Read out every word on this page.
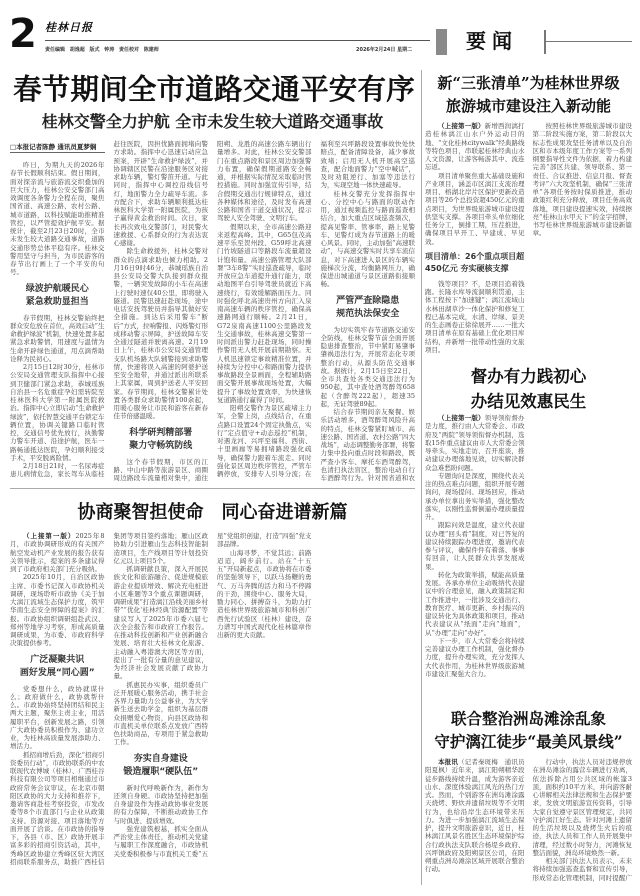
2 桂林日报
责任编辑 胡逸超 版式 钟涛 责任校对 陈建师	2026年2月24日 星期二	要闻
春节期间全市道路交通平安有序
桂林交警全力护航 全市未发生较大道路交通事故
□本报记者陈静 通讯员夏梦娴

昨日，为期九天的2026年春节长假顺利结束。假日期间，面对探亲流与旅游流交织叠加的巨大压力，桂林公安交警部门高效调度各条警力全程在岗，聚焦国省道、高速公路、农村公路、城市道路，以科技赋能助推精准管控，以严管提效护航平安。据统计，截至2月23日20时，全市未发生较大道路交通事故，道路交通形势总体平稳有序。桂林交警用坚守与担当，为市民游客的春节出行画上了一个平安的句号。

绿波护航暖民心
紧急救助显担当

春节假期，桂林交警始终把群众安危放在首位，高效启动“生命救护绿波”机制，快速处置多起紧急求助警情，用速度与温情为生命开辟绿色通道，用点滴帮助诠释为民初心。

2月15日12时30分，桂林市公安局交通管理支队指挥中心接到卫健部门紧急求助，恭城瑶族自治县一名危重症孕妇需转院至桂林医科大学第一附属医院救治。指挥中心立即启动“生命救护绿波”，依托智慧交通平台锁定车辆位置，协调关键路口临时管控，交通信号优先放行，执勤警力警车开道、沿途护航，医车一路畅通抵达医院，孕妇顺利接受手术，平安脱离险情。

2月18日21时，一名尿毒症患儿病情危急，家长驾车从临桂赶往医院，因担忧路面拥堵向警方求助。指挥中心迅速启动应急预案，开辟“生命救护绿波”，并协调辖区民警在沿途服务区对接求助车辆，警灯警笛开道。与此同时，指挥中心调控沿线信号灯，地面警力全力疏导车流。多方配合下，求助车辆顺利抵达桂林医科大学第一附属医院，为孩子赢得黄金救治时间。次日，家长再次致电交警部门，对民警火速救援、心系群众的行为表达衷心感谢。

除生命救援外，桂林交警对群众的点滴求助也倾力相助。2月16日9时46分，恭城瑶族自治县公安局交警大队接到群众报警，一辆突发故障的小车在高速上行驶时速仅40公里，即将驶入隧道。民警迅速赶赴现场，途中电话安抚驾驶员并指导其做好安全措施。到达后采用警车“断后”方式，拉响警报、闪烁警灯形成移动警示屏障，护送故障车安全通过隧道并驶离高速。2月19日上午，桂林市公安局交通管理支队机场路大队辅警接到求助警情，快速将误入高速的阿婆护送至安全地带，并通过派出所联系上其家属，周到护送老人平安回家。春节期间，桂林交警累计处置各类群众求助警情100余起，用暖心服务让市民和游客在新春佳节倍感温暖。

科学研判精部署
聚力守畅筑防线

这个春节假期，市区的江路、中山中路等旅游景区、商圈周边路段车流量相对集中，通往阳朔、龙胜的高速公路车辆出行量增多。对此，桂林公安交警部门在重点路段和景区周边加强警力布置，确保假期道路安全畅通，并根据实际情况采取临时管控措施。同时加强宣传引导，结合假期交通出行规律特点，通过各种媒体和途径，及时发布高速公路和国省干道交通状况，提示驾驶人安全驾驶、文明行车。

假期以来，全市高速公路迎来返程高峰。其中，G65包茂高速平乐至贺州段、G59呼北高速门竹坡隧道口等路段车流量超设计饱和量。高速公路管理大队部署“3车8警”实时巡查疏导，临时开放应急车道提升通行能力，联动地图平台引导驾驶员就近下高速绕行，有效缓解路面压力。同时强化呼北高速贵州方向汇入泉南高速车辆的秩序管控，确保高速路网通行顺畅。2月21日，G72泉南高速1100公里路段发生交通事故，桂林高速交警第一时间派出警力赶赴现场，同时操作警用无人机开展前期勘察。无人机迅速锁定事故精准位置，并持续为分控中心和路面警力提供事故路段全景画面，全程辅助路面交警开展事故现场处置，大幅提升了事故处置效率，为快速恢复道路通行赢得了时间。

阳朔交警作为景区疏堵主力军，全警上岗，点线结合，在重点路口设置24个固定执勤点，实行“定点值守+动态巡控”机制，对遇龙河、兴坪至福利、西街、十里画廊等易拥堵路段强化疏导，确保警力跟着车流走。同时强化景区周边秩序管控，严管车辆停放，安排专人引导分流；在福利至兴坪路段设置事故快处快赔点，配备清障设备，减少事故致堵；启用无人机开展高空巡查，配合地面警力“空中喊话”，及时劝阻逆行、加塞等违法行为，实现空地一体快速疏导。

桂林交警充分发挥指挥中心、分控中心与路面的联动作用，通过视频监控与路面巡查相结合，加大重点区域巡查频次，提高见警率、管事率，路上见警车、见警灯成为春节道路上的暖心风景。同时，主动加强“高速联动”，与高速交警实时共享车流信息，对下高速进入景区的车辆实施梯次分流，均衡路网压力，确保进出城通道与景区道路衔接顺畅。

严管严查除隐患
规范执法保安全

为切实筑牢春节道路交通安全防线，桂林交警节前全面开展隐患排查整治，节中紧盯易肇事肇祸违法行为，开展常态化专项整治行动，从源头防范交通事故。据统计，2月15日至22日，全市共查处各类交通违法行为950起，其中查处酒驾醉驾658起（含醉驾222起），超速35起，无证驾驶89起。

结合春节期间亲友聚餐、娱乐活动增多，酒驾醉驾风险升高的特点，桂林交警紧盯城市、高速公路、国省道、农村公路“四大战场”，动态调整勤务部署，将警力集中投向重点时段和路段，既严查小客车、摩托车酒驾醉驾，也清扫执法盲区，整治电动自行车酒醉驾行为。针对国省道和农

协商聚智担使命　同心奋进谱新篇

（上接第一版）2025年8月，市政协调研形成的有关国产航空发动机产业发展的报告获有关领导批示，提案的多条建议得到了市政府相关部门充分吸纳。

2025年10月，自治区政协主席、市委书记深入市政协机关调研，现场聆听市政协《关于加大漓江流域生态保护力度，筑牢华南生态安全屏障的提案》的汇报。市政协组织调研组赴武汉、郑州等地学习考察，形成高质量调研成果，为市委、市政府科学决策提供参考。

广泛凝聚共识
画好发展“同心圆”

党委想什么，政协就谋什么；政府做什么，政协就帮什么。市政协始终坚持团结和民主两大主题，聚焦主责主业，用活履职平台，创新发展之路，引领广大政协委员积极作为、建功立业，为桂林高质量发展添助力、增活力。

抓招商增后劲，深化“招商引资委员行动”，市政协联系的中农联现代农博城（桂林）、广西桂谷科技有限公司等项目相继通过市政府常务会议审议，在北京市朝阳区政协的大力支持和推荐下，邀请客商赴桂考察投资，市发改委等8个市直部门与企业从政策支持、资源对接、项目落地等方面开展了洽谈。在市政协的指导下，各县（市、区）政协开展丰富多彩的招商引资活动，其中，秀峰区政协建立秀峰区驻大湾区招商联系服务点，助推广西桂信集团等项目签约落地；雁山区政协助力引进雁山生态科技智能制造项目，生产线项目等计划投资亿元以上项目5个。

抓调研献良策，深入开展民族文化和旅游融合、促进规模旅游企业提质增效、解决充电桩进小区难题等3个重点课题调研，调研成果“打造漓江沿线美丽乡村带”“优化‘桂林经典’资源配置”等建议写入了2025年市委六届七次全会报告和市政府工作报告。在推动科技创新和产业创新融合发展、培育壮大桂林文化旅游、主动融入粤港澳大湾区等方面，提出了一批有分量的意见建议，为经济社会发展贡献了政协力量。

抓惠民办实事，组织委员广泛开展暖心服务活动，携手社会各界力量助力公益事业，为大学新生送去助学金，组织为基层群众捐赠爱心物资，向县区政协和市直机关单位联系点发放广西特色扶助商品，专项用于紧急救助工作。

夯实自身建设
锻造履职“硬队伍”

新时代呼唤新作为，新作为还须自身硬。市政协坚持把加强自身建设作为推动政协事业发展的有力保障，不断推动政协工作与时俱进、提质增效。

强党建筑根基，抓实全面从严治党主体责任，推动机关党建与履职工作深度融合，市政协机关党委积极参与市直机关工委“五星”党组织创建，打造“四强”党支部品牌。

山海寻梦，不觉其远；前路迢迢，阔步前行。站在“十五五”开局新起点，市政协将在市委的坚强领导下，以跃马扬鞭的勇气、万马奔腾的活力和马不停蹄的干劲，围绕中心、服务大局，勠力同心、拼搏奋斗，为助力打造桂林世界级旅游城市和科创广西先行试验区（桂林）建设，奋力谱写中国式现代化桂林篇章作出新的更大贡献。

新“三张清单”为桂林世界级
旅游城市建设注入新动能

（上接第一版）新增西润漓打造桂林漓江山水户外运动目的地、“文化桂林citywalk”经典路线等特色项目，串联起桂林经典山水人文资源，让游客畅游其中、流连忘返。

项目清单聚焦重大基础设施和产业项目，涵盖市区漓江支流治理项目、榕湖北岸片区保护更新改造项目等26个总投资超450亿元的重点项目，为世界级旅游城市建设提供坚实支撑。各项目牵头单位细化任务分工，倒排工期，压茬推进，确保项目早开工、早建成、早见效。

项目清单：26个重点项目超450亿元 夯实硬核支撑

钱等项目？不，是项目追着钱跑。长隆水库导流洞顺利贯通，主体工程按下“加速键”；漓江流域山水林田湖草沙一体化保护和修复工程已基本完成，水清、岸绿、景美的生态画卷正徐徐展开……一批大项目清单在原有基础上优化项目库结构，并新增一批带动性强的文旅项目。

按照桂林世界级旅游城市建设第二阶段实施方案，第二阶段以大标志性成果攻坚任务清单以及自治区和市本级年度工作方案等一系列纲要指导性文件为依据，着力构建完善“部区共建、领导联系、第一责任、合议推进、信息月报、督查考评”六大攻坚机制，确保“三张清单”各项任务按时保质推进，推动政策红利充分释放，项目任务高效落地，项目建设提速实效，持续擦亮“桂林山水甲天下”的金字招牌，书写桂林世界级旅游城市建设新篇章。

督办有力践初心
办结见效惠民生

（上接第一版）领导领衔督办是力度，推行由人大常委会、市政府及“两院”领导领衔督办机制，选取15件重点建议由市人大常委会领导牵头，实地走访、召开座谈，推动建议办理落地见效，切实解决群众急难愁盼问题。

专题询问是深度，围绕代表关注的热点难点问题，组织开展专题询问，现场提问、现场回应，推动承办单位拿出务实举措，强化整改落实，以刚性监督倒逼办理质量提升。

跟踪问效是温度，建立代表建议办理“回头看”制度，对已答复的建议持续跟踪办理进度，邀请代表参与评议，确保件件有着落、事事有回音，让人民群众共享发展成果。

转化为政策举措，赋能高质量发展。各承办单位主动吸纳代表建议中的合理意见，融入政策制定和工作推进中，一批涉及交通出行、教育医疗、城市更新、乡村振兴的建议转化为具体政策和项目，推动代表建议从“纸面”走向“地面”，从“办理”走向“办好”。

下一步，市人大常委会将持续完善建议办理工作机制，强化督办力度，提升办理实效，充分发挥人大代表作用，为桂林世界级旅游城市建设汇聚强大合力。

联合整治洲岛滩涂乱象
守护漓江徒步“最美风景线”

本报讯（记者秦斑梅　通讯员阳夏枫）近年来，漓江阳朔精华段徒步路线持续升温，成为游客亲近山水、深度体验漓江风光的热门方式。然而，个别游客在洲岛滩涂露天烧烤、野炊并遗留垃圾等不文明行为，也给沿岸生态环境带来压力。为进一步加强漓江流域生态保护，提升文明旅游意识，近日，桂林漓江风景名胜区生态环境保护综合行政执法支队联合杨堤乡政府、兴坪镇政府及阳朔景区公司，在阳朔重点洲岛滩涂区域开展联合整治行动。

行动中，执法人员对违规停放在洲岛滩涂的露营车辆进行劝离，依法拆除占用公共区域的帐篷3顶，面积约10平方米，并向游客耐心讲解相关法律法规和生态保护要求，发放文明旅游宣传资料，引导大家自觉遵守景区管理规定，共同守护漓江好生态。针对河滩上遗留的生活垃圾以及烧烤生火后的痕迹，执法人员和工作人员开展集中清理，经过数小时努力，河滩恢复整洁面貌，洲岛环境焕然一新。

相关部门执法人员表示，未来将持续加强巡查监督和宣传引导，形成常态化管理机制，同时提醒广
